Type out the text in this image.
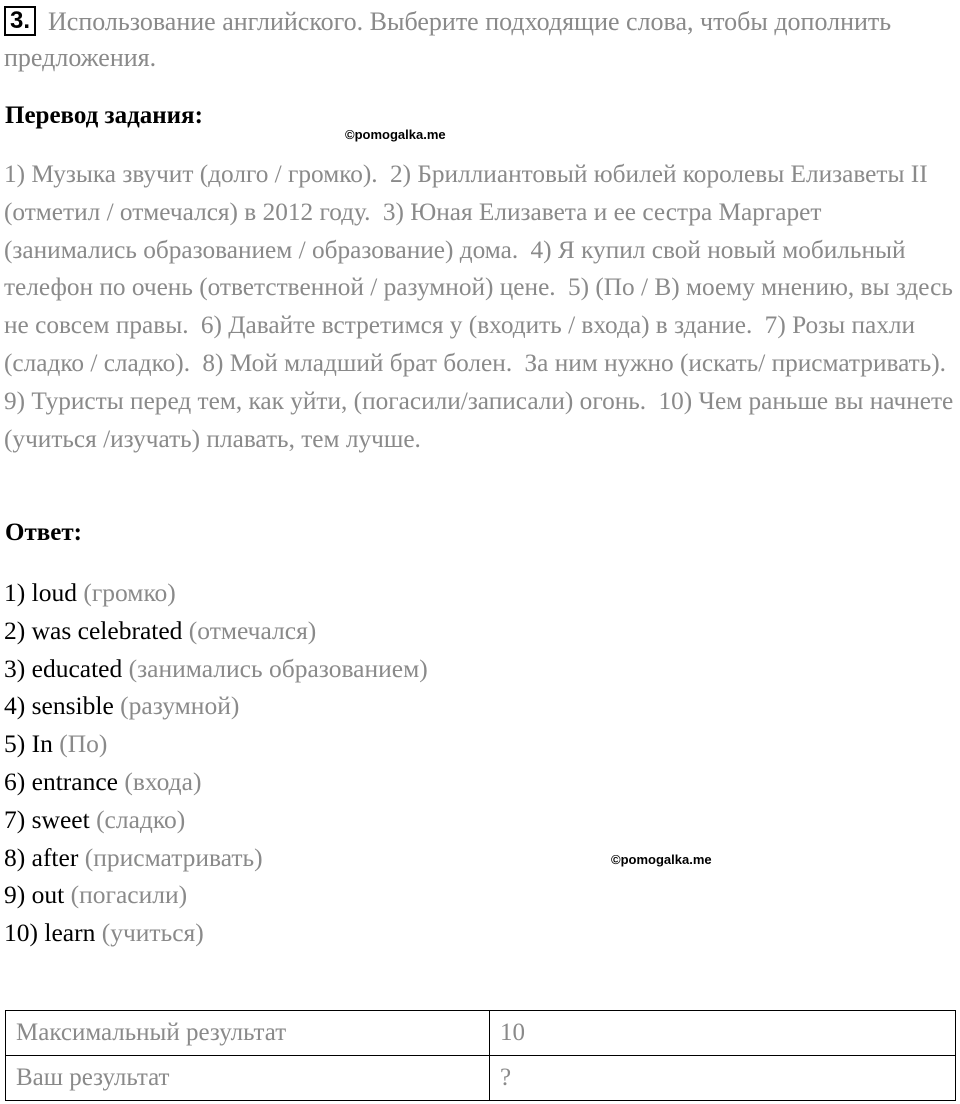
3. Использование английского. Выберите подходящие слова, чтобы дополнить предложения.
Перевод задания:
©pomogalka.me

1) Музыка звучит (долго / громко). 2) Бриллиантовый юбилей королевы Елизаветы II (отметил / отмечался) в 2012 году. 3) Юная Елизавета и ее сестра Маргарет (занимались образованием / образование) дома. 4) Я купил свой новый мобильный телефон по очень (ответственной / разумной) цене. 5) (По / В) моему мнению, вы здесь не совсем правы. 6) Давайте встретимся у (входить / входа) в здание. 7) Розы пахли (сладко / сладко). 8) Мой младший брат болен. За ним нужно (искать/ присматривать). 9) Туристы перед тем, как уйти, (погасили/записали) огонь. 10) Чем раньше вы начнете (учиться /изучать) плавать, тем лучше.

Ответ:
1) loud (громко)
2) was celebrated (отмечался)
3) educated (занимались образованием)
4) sensible (разумной)
5) In (По)
6) entrance (входа)
7) sweet (сладко)
8) after (присматривать)
9) out (погасили)
10) learn (учиться)
©pomogalka.me
Максимальный результат	10
Ваш результат	?
